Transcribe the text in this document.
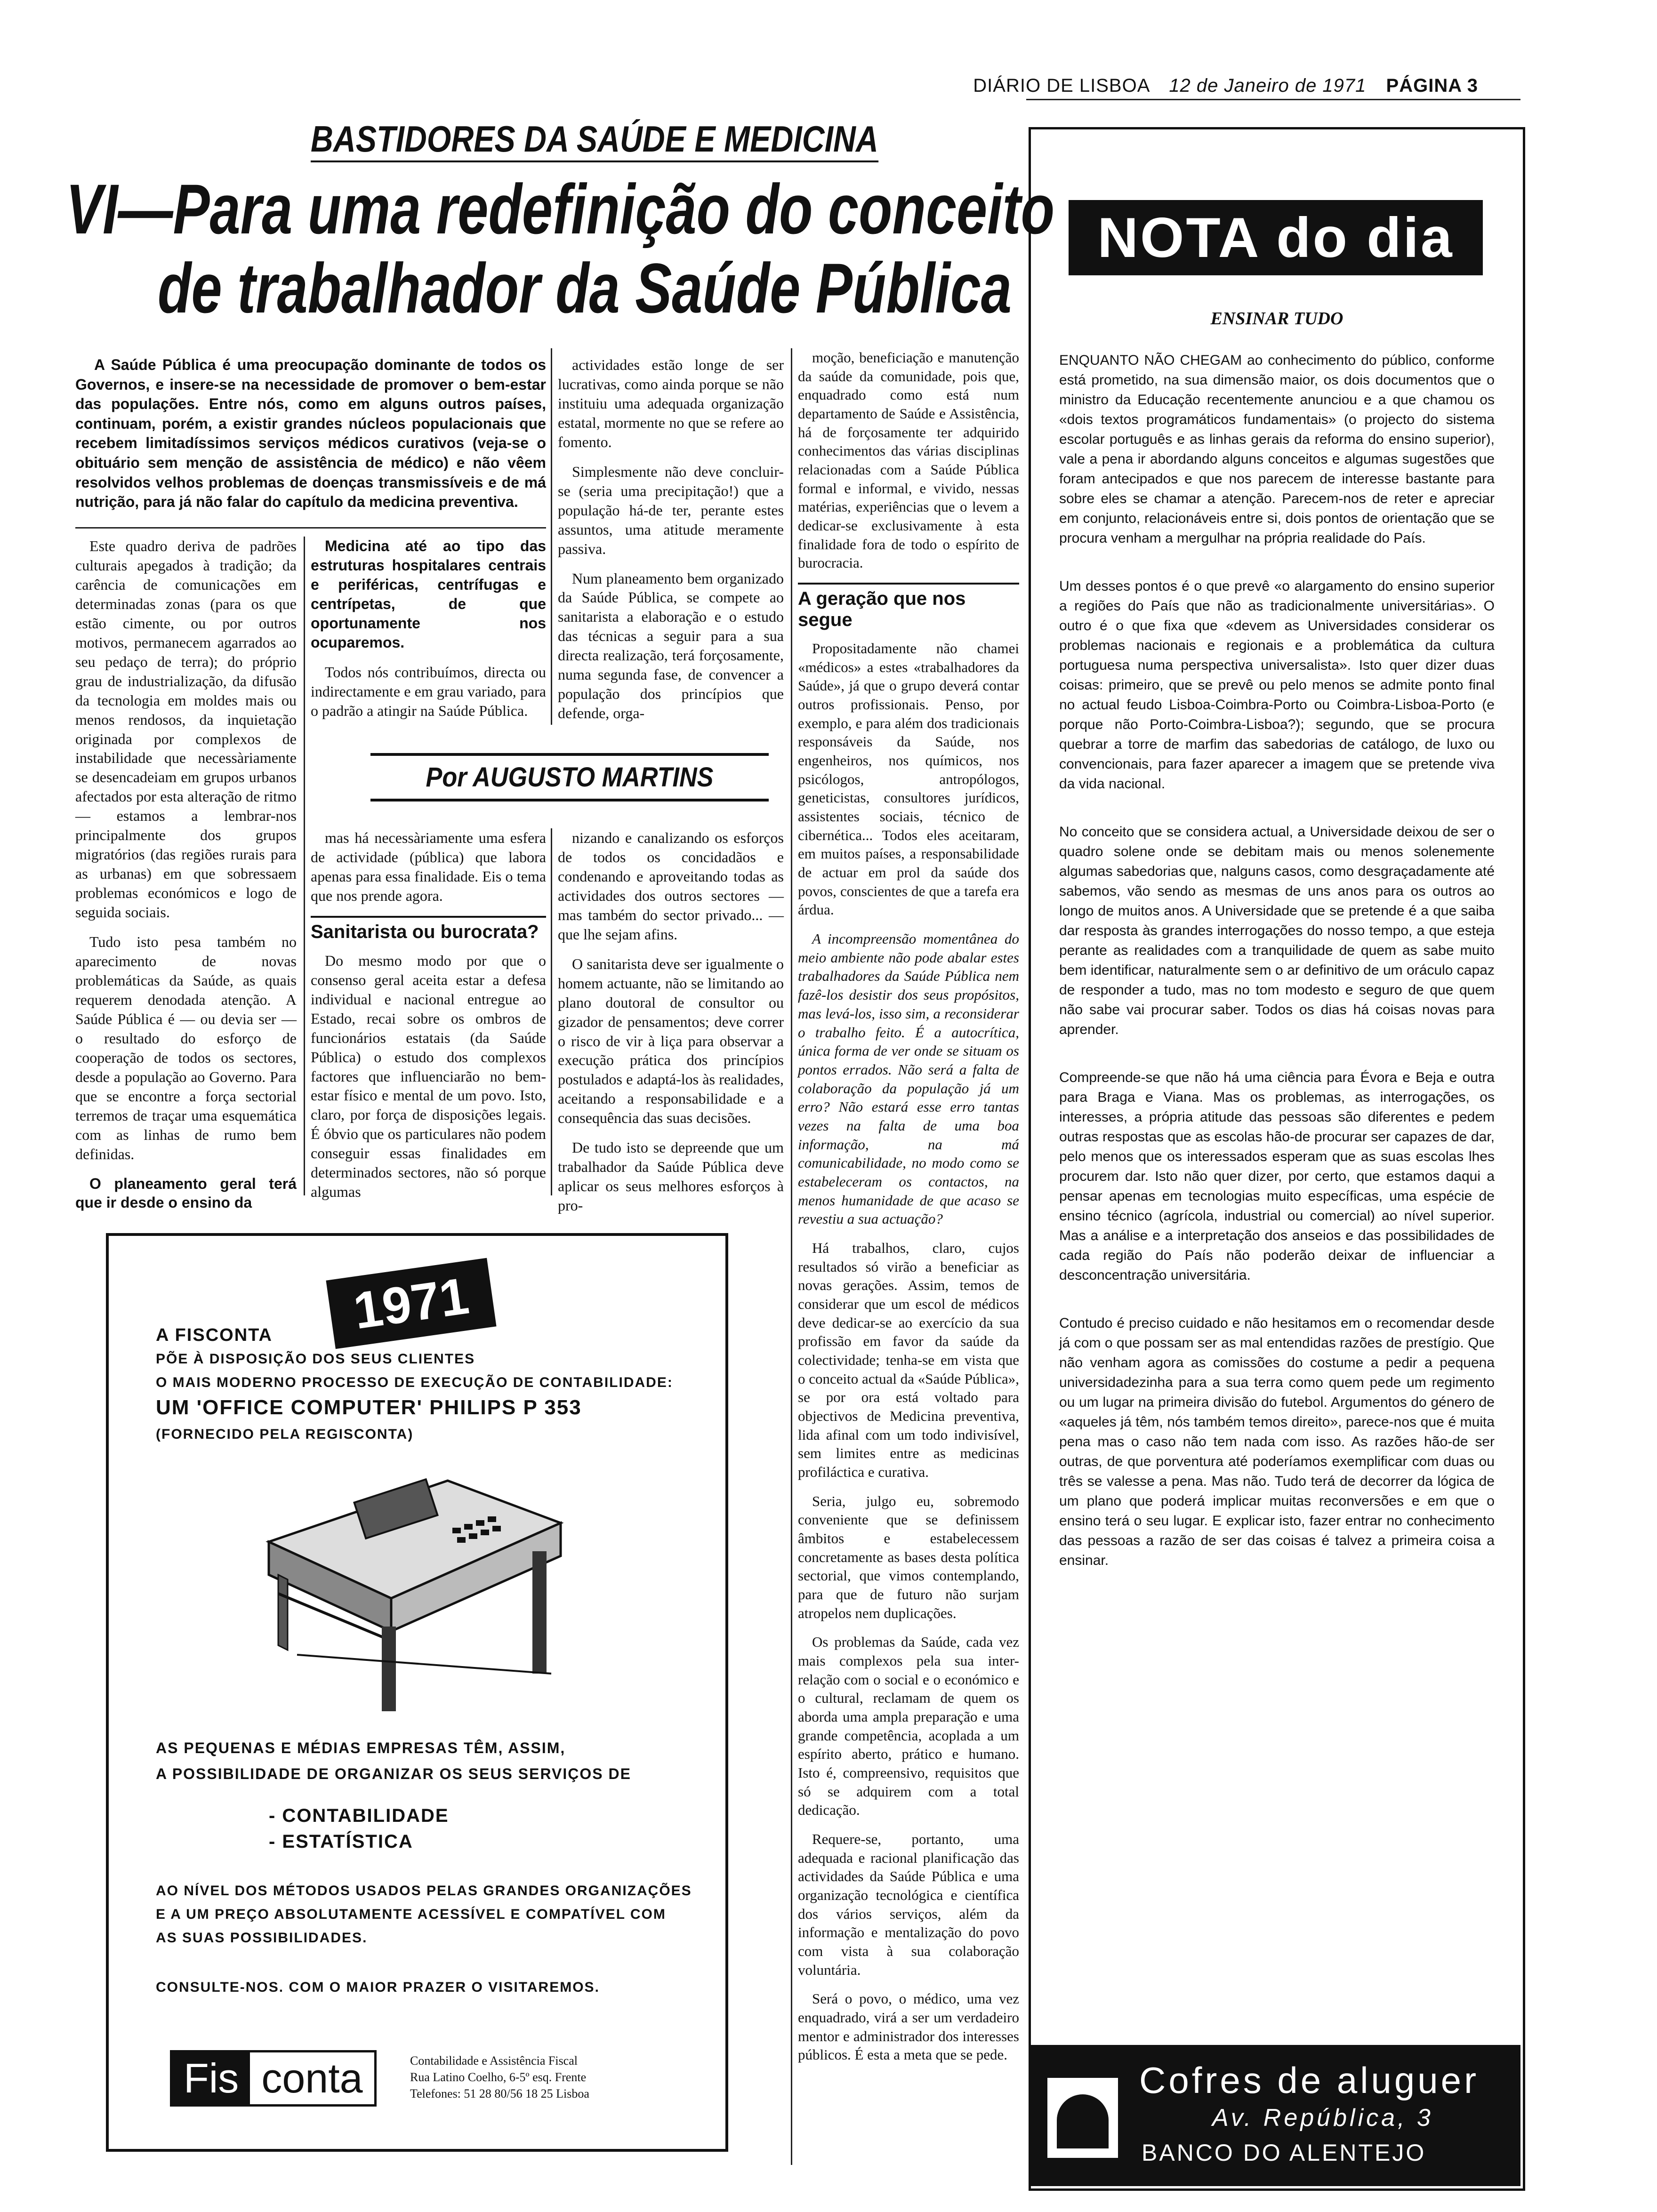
DIÁRIO DE LISBOA 12 de Janeiro de 1971 PÁGINA 3
BASTIDORES DA SAÚDE E MEDICINA
VI—Para uma redefinição do conceito
de trabalhador da Saúde Pública
A Saúde Pública é uma preocupação dominante de todos os Governos, e insere-se na necessidade de promover o bem-estar das populações. Entre nós, como em alguns outros países, continuam, porém, a existir grandes núcleos populacionais que recebem limitadíssimos serviços médicos curativos (veja-se o obituário sem menção de assistência de médico) e não vêem resolvidos velhos problemas de doenças transmissíveis e de má nutrição, para já não falar do capítulo da medicina preventiva.

Este quadro deriva de padrões culturais apegados à tradição; da carência de comunicações em determinadas zonas (para os que estão cimente, ou por outros motivos, permanecem agarrados ao seu pedaço de terra); do próprio grau de industrialização, da difusão da tecnologia em moldes mais ou menos rendosos, da inquietação originada por complexos de instabilidade que necessàriamente se desencadeiam em grupos urbanos afectados por esta alteração de ritmo — estamos a lembrar-nos principalmente dos grupos migratórios (das regiões rurais para as urbanas) em que sobressaem problemas económicos e logo de seguida sociais.

Tudo isto pesa também no aparecimento de novas problemáticas da Saúde, as quais requerem denodada atenção. A Saúde Pública é — ou devia ser — o resultado do esforço de cooperação de todos os sectores, desde a população ao Governo. Para que se encontre a força sectorial terremos de traçar uma esquemática com as linhas de rumo bem definidas.

O planeamento geral terá que ir desde o ensino da

Medicina até ao tipo das estruturas hospitalares centrais e periféricas, centrífugas e centrípetas, de que oportunamente nos ocuparemos.

Todos nós contribuímos, directa ou indirectamente e em grau variado, para o padrão a atingir na Saúde Pública.

actividades estão longe de ser lucrativas, como ainda porque se não instituiu uma adequada organização estatal, mormente no que se refere ao fomento.

Simplesmente não deve concluir-se (seria uma precipitação!) que a população há-de ter, perante estes assuntos, uma atitude meramente passiva.

Num planeamento bem organizado da Saúde Pública, se compete ao sanitarista a elaboração e o estudo das técnicas a seguir para a sua directa realização, terá forçosamente, numa segunda fase, de convencer a população dos princípios que defende, orga-

Por AUGUSTO MARTINS

mas há necessàriamente uma esfera de actividade (pública) que labora apenas para essa finalidade. Eis o tema que nos prende agora.

Sanitarista ou burocrata?

Do mesmo modo por que o consenso geral aceita estar a defesa individual e nacional entregue ao Estado, recai sobre os ombros de funcionários estatais (da Saúde Pública) o estudo dos complexos factores que influenciarão no bem-estar físico e mental de um povo. Isto, claro, por força de disposições legais. É óbvio que os particulares não podem conseguir essas finalidades em determinados sectores, não só porque algumas

nizando e canalizando os esforços de todos os concidadãos e condenando e aproveitando todas as actividades dos outros sectores — mas também do sector privado... — que lhe sejam afins.

O sanitarista deve ser igualmente o homem actuante, não se limitando ao plano doutoral de consultor ou gizador de pensamentos; deve correr o risco de vir à liça para observar a execução prática dos princípios postulados e adaptá-los às realidades, aceitando a responsabilidade e a consequência das suas decisões.

De tudo isto se depreende que um trabalhador da Saúde Pública deve aplicar os seus melhores esforços à pro-

moção, beneficiação e manutenção da saúde da comunidade, pois que, enquadrado como está num departamento de Saúde e Assistência, há de forçosamente ter adquirido conhecimentos das várias disciplinas relacionadas com a Saúde Pública formal e informal, e vivido, nessas matérias, experiências que o levem a dedicar-se exclusivamente à esta finalidade fora de todo o espírito de burocracia.

A geração que nos segue

Propositadamente não chamei «médicos» a estes «trabalhadores da Saúde», já que o grupo deverá contar outros profissionais. Penso, por exemplo, e para além dos tradicionais responsáveis da Saúde, nos engenheiros, nos químicos, nos psicólogos, antropólogos, geneticistas, consultores jurídicos, assistentes sociais, técnico de cibernética... Todos eles aceitaram, em muitos países, a responsabilidade de actuar em prol da saúde dos povos, conscientes de que a tarefa era árdua.

A incompreensão momentânea do meio ambiente não pode abalar estes trabalhadores da Saúde Pública nem fazê-los desistir dos seus propósitos, mas levá-los, isso sim, a reconsiderar o trabalho feito. É a autocrítica, única forma de ver onde se situam os pontos errados. Não será a falta de colaboração da população já um erro? Não estará esse erro tantas vezes na falta de uma boa informação, na má comunicabilidade, no modo como se estabeleceram os contactos, na menos humanidade de que acaso se revestiu a sua actuação?

Há trabalhos, claro, cujos resultados só virão a beneficiar as novas gerações. Assim, temos de considerar que um escol de médicos deve dedicar-se ao exercício da sua profissão em favor da saúde da colectividade; tenha-se em vista que o conceito actual da «Saúde Pública», se por ora está voltado para objectivos de Medicina preventiva, lida afinal com um todo indivisível, sem limites entre as medicinas profiláctica e curativa.

Seria, julgo eu, sobremodo conveniente que se definissem âmbitos e estabelecessem concretamente as bases desta política sectorial, que vimos contemplando, para que de futuro não surjam atropelos nem duplicações.

Os problemas da Saúde, cada vez mais complexos pela sua inter-relação com o social e o económico e o cultural, reclamam de quem os aborda uma ampla preparação e uma grande competência, acoplada a um espírito aberto, prático e humano. Isto é, compreensivo, requisitos que só se adquirem com a total dedicação.

Requere-se, portanto, uma adequada e racional planificação das actividades da Saúde Pública e uma organização tecnológica e científica dos vários serviços, além da informação e mentalização do povo com vista à sua colaboração voluntária.

Será o povo, o médico, uma vez enquadrado, virá a ser um verdadeiro mentor e administrador dos interesses públicos. É esta a meta que se pede.

1971

A FISCONTA

PÕE À DISPOSIÇÃO DOS SEUS CLIENTES

O MAIS MODERNO PROCESSO DE EXECUÇÃO DE CONTABILIDADE:

UM 'OFFICE COMPUTER' PHILIPS P 353

(FORNECIDO PELA REGISCONTA)

AS PEQUENAS E MÉDIAS EMPRESAS TÊM, ASSIM,

A POSSIBILIDADE DE ORGANIZAR OS SEUS SERVIÇOS DE

- CONTABILIDADE

- ESTATÍSTICA

AO NÍVEL DOS MÉTODOS USADOS PELAS GRANDES ORGANIZAÇÕES

E A UM PREÇO ABSOLUTAMENTE ACESSÍVEL E COMPATÍVEL COM

AS SUAS POSSIBILIDADES.

CONSULTE-NOS. COM O MAIOR PRAZER O VISITAREMOS.

Fis conta	Contabilidade e Assistência Fiscal
Rua Latino Coelho, 6-5º esq. Frente
Telefones: 51 28 80/56 18 25 Lisboa
NOTA do dia
ENSINAR TUDO

ENQUANTO NÃO CHEGAM ao conhecimento do público, conforme está prometido, na sua dimensão maior, os dois documentos que o ministro da Educação recentemente anunciou e a que chamou os «dois textos programáticos fundamentais» (o projecto do sistema escolar português e as linhas gerais da reforma do ensino superior), vale a pena ir abordando alguns conceitos e algumas sugestões que foram antecipados e que nos parecem de interesse bastante para sobre eles se chamar a atenção. Parecem-nos de reter e apreciar em conjunto, relacionáveis entre si, dois pontos de orientação que se procura venham a mergulhar na própria realidade do País.

Um desses pontos é o que prevê «o alargamento do ensino superior a regiões do País que não as tradicionalmente universitárias». O outro é o que fixa que «devem as Universidades considerar os problemas nacionais e regionais e a problemática da cultura portuguesa numa perspectiva universalista». Isto quer dizer duas coisas: primeiro, que se prevê ou pelo menos se admite ponto final no actual feudo Lisboa-Coimbra-Porto ou Coimbra-Lisboa-Porto (e porque não Porto-Coimbra-Lisboa?); segundo, que se procura quebrar a torre de marfim das sabedorias de catálogo, de luxo ou convencionais, para fazer aparecer a imagem que se pretende viva da vida nacional.

No conceito que se considera actual, a Universidade deixou de ser o quadro solene onde se debitam mais ou menos solenemente algumas sabedorias que, nalguns casos, como desgraçadamente até sabemos, vão sendo as mesmas de uns anos para os outros ao longo de muitos anos. A Universidade que se pretende é a que saiba dar resposta às grandes interrogações do nosso tempo, a que esteja perante as realidades com a tranquilidade de quem as sabe muito bem identificar, naturalmente sem o ar definitivo de um oráculo capaz de responder a tudo, mas no tom modesto e seguro de que quem não sabe vai procurar saber. Todos os dias há coisas novas para aprender.

Compreende-se que não há uma ciência para Évora e Beja e outra para Braga e Viana. Mas os problemas, as interrogações, os interesses, a própria atitude das pessoas são diferentes e pedem outras respostas que as escolas hão-de procurar ser capazes de dar, pelo menos que os interessados esperam que as suas escolas lhes procurem dar. Isto não quer dizer, por certo, que estamos daqui a pensar apenas em tecnologias muito específicas, uma espécie de ensino técnico (agrícola, industrial ou comercial) ao nível superior. Mas a análise e a interpretação dos anseios e das possibilidades de cada região do País não poderão deixar de influenciar a desconcentração universitária.

Contudo é preciso cuidado e não hesitamos em o recomendar desde já com o que possam ser as mal entendidas razões de prestígio. Que não venham agora as comissões do costume a pedir a pequena universidadezinha para a sua terra como quem pede um regimento ou um lugar na primeira divisão do futebol. Argumentos do género de «aqueles já têm, nós também temos direito», parece-nos que é muita pena mas o caso não tem nada com isso. As razões hão-de ser outras, de que porventura até poderíamos exemplificar com duas ou três se valesse a pena. Mas não. Tudo terá de decorrer da lógica de um plano que poderá implicar muitas reconversões e em que o ensino terá o seu lugar. E explicar isto, fazer entrar no conhecimento das pessoas a razão de ser das coisas é talvez a primeira coisa a ensinar.

Cofres de aluguer
Av. República, 3
BANCO DO ALENTEJO
